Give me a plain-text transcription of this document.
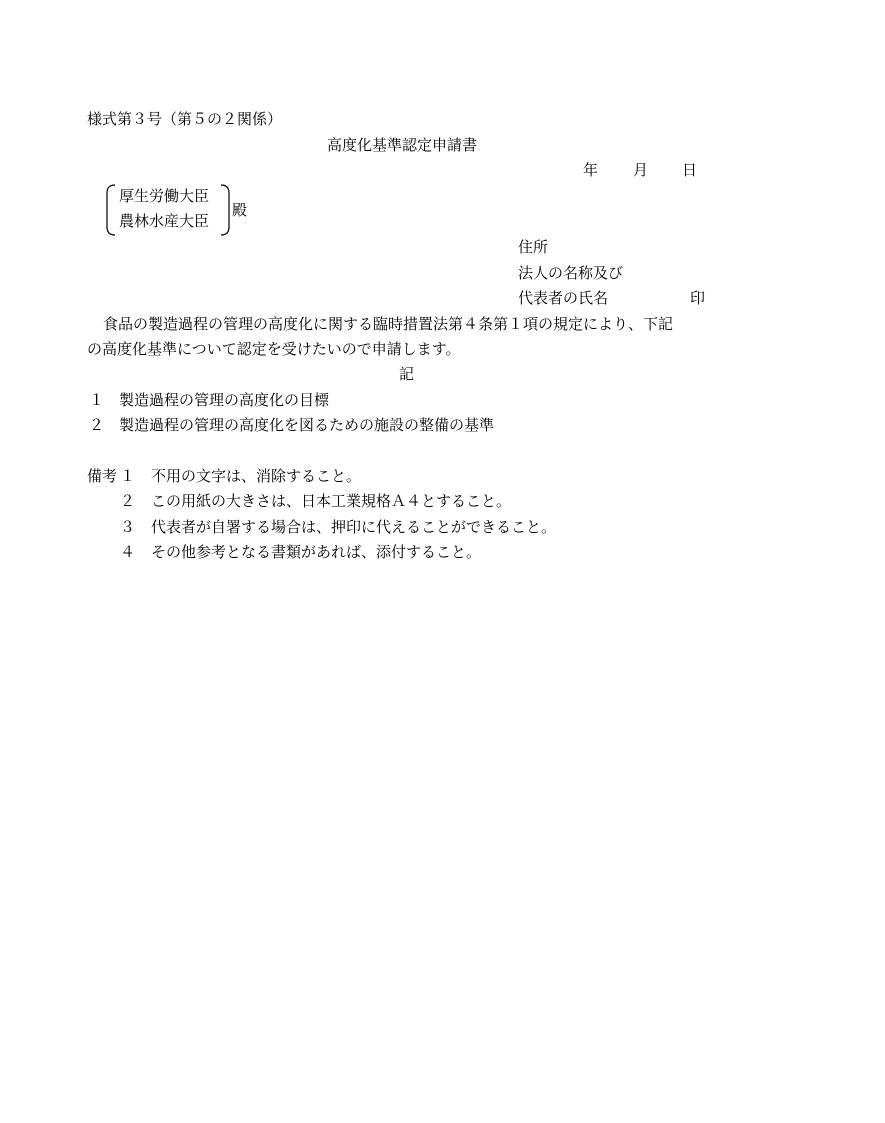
様式第３号（第５の２関係）
高度化基準認定申請書
年 月 日
厚生労働大臣
農林水産大臣
殿
住所
法人の名称及び
代表者の氏名	印
食品の製造過程の管理の高度化に関する臨時措置法第４条第１項の規定により、下記
の高度化基準について認定を受けたいので申請します。
記
１ 製造過程の管理の高度化の目標
２ 製造過程の管理の高度化を図るための施設の整備の基準
備考 １ 不用の文字は、消除すること。
２ この用紙の大きさは、日本工業規格Ａ４とすること。
３ 代表者が自署する場合は、押印に代えることができること。
４ その他参考となる書類があれば、添付すること。
